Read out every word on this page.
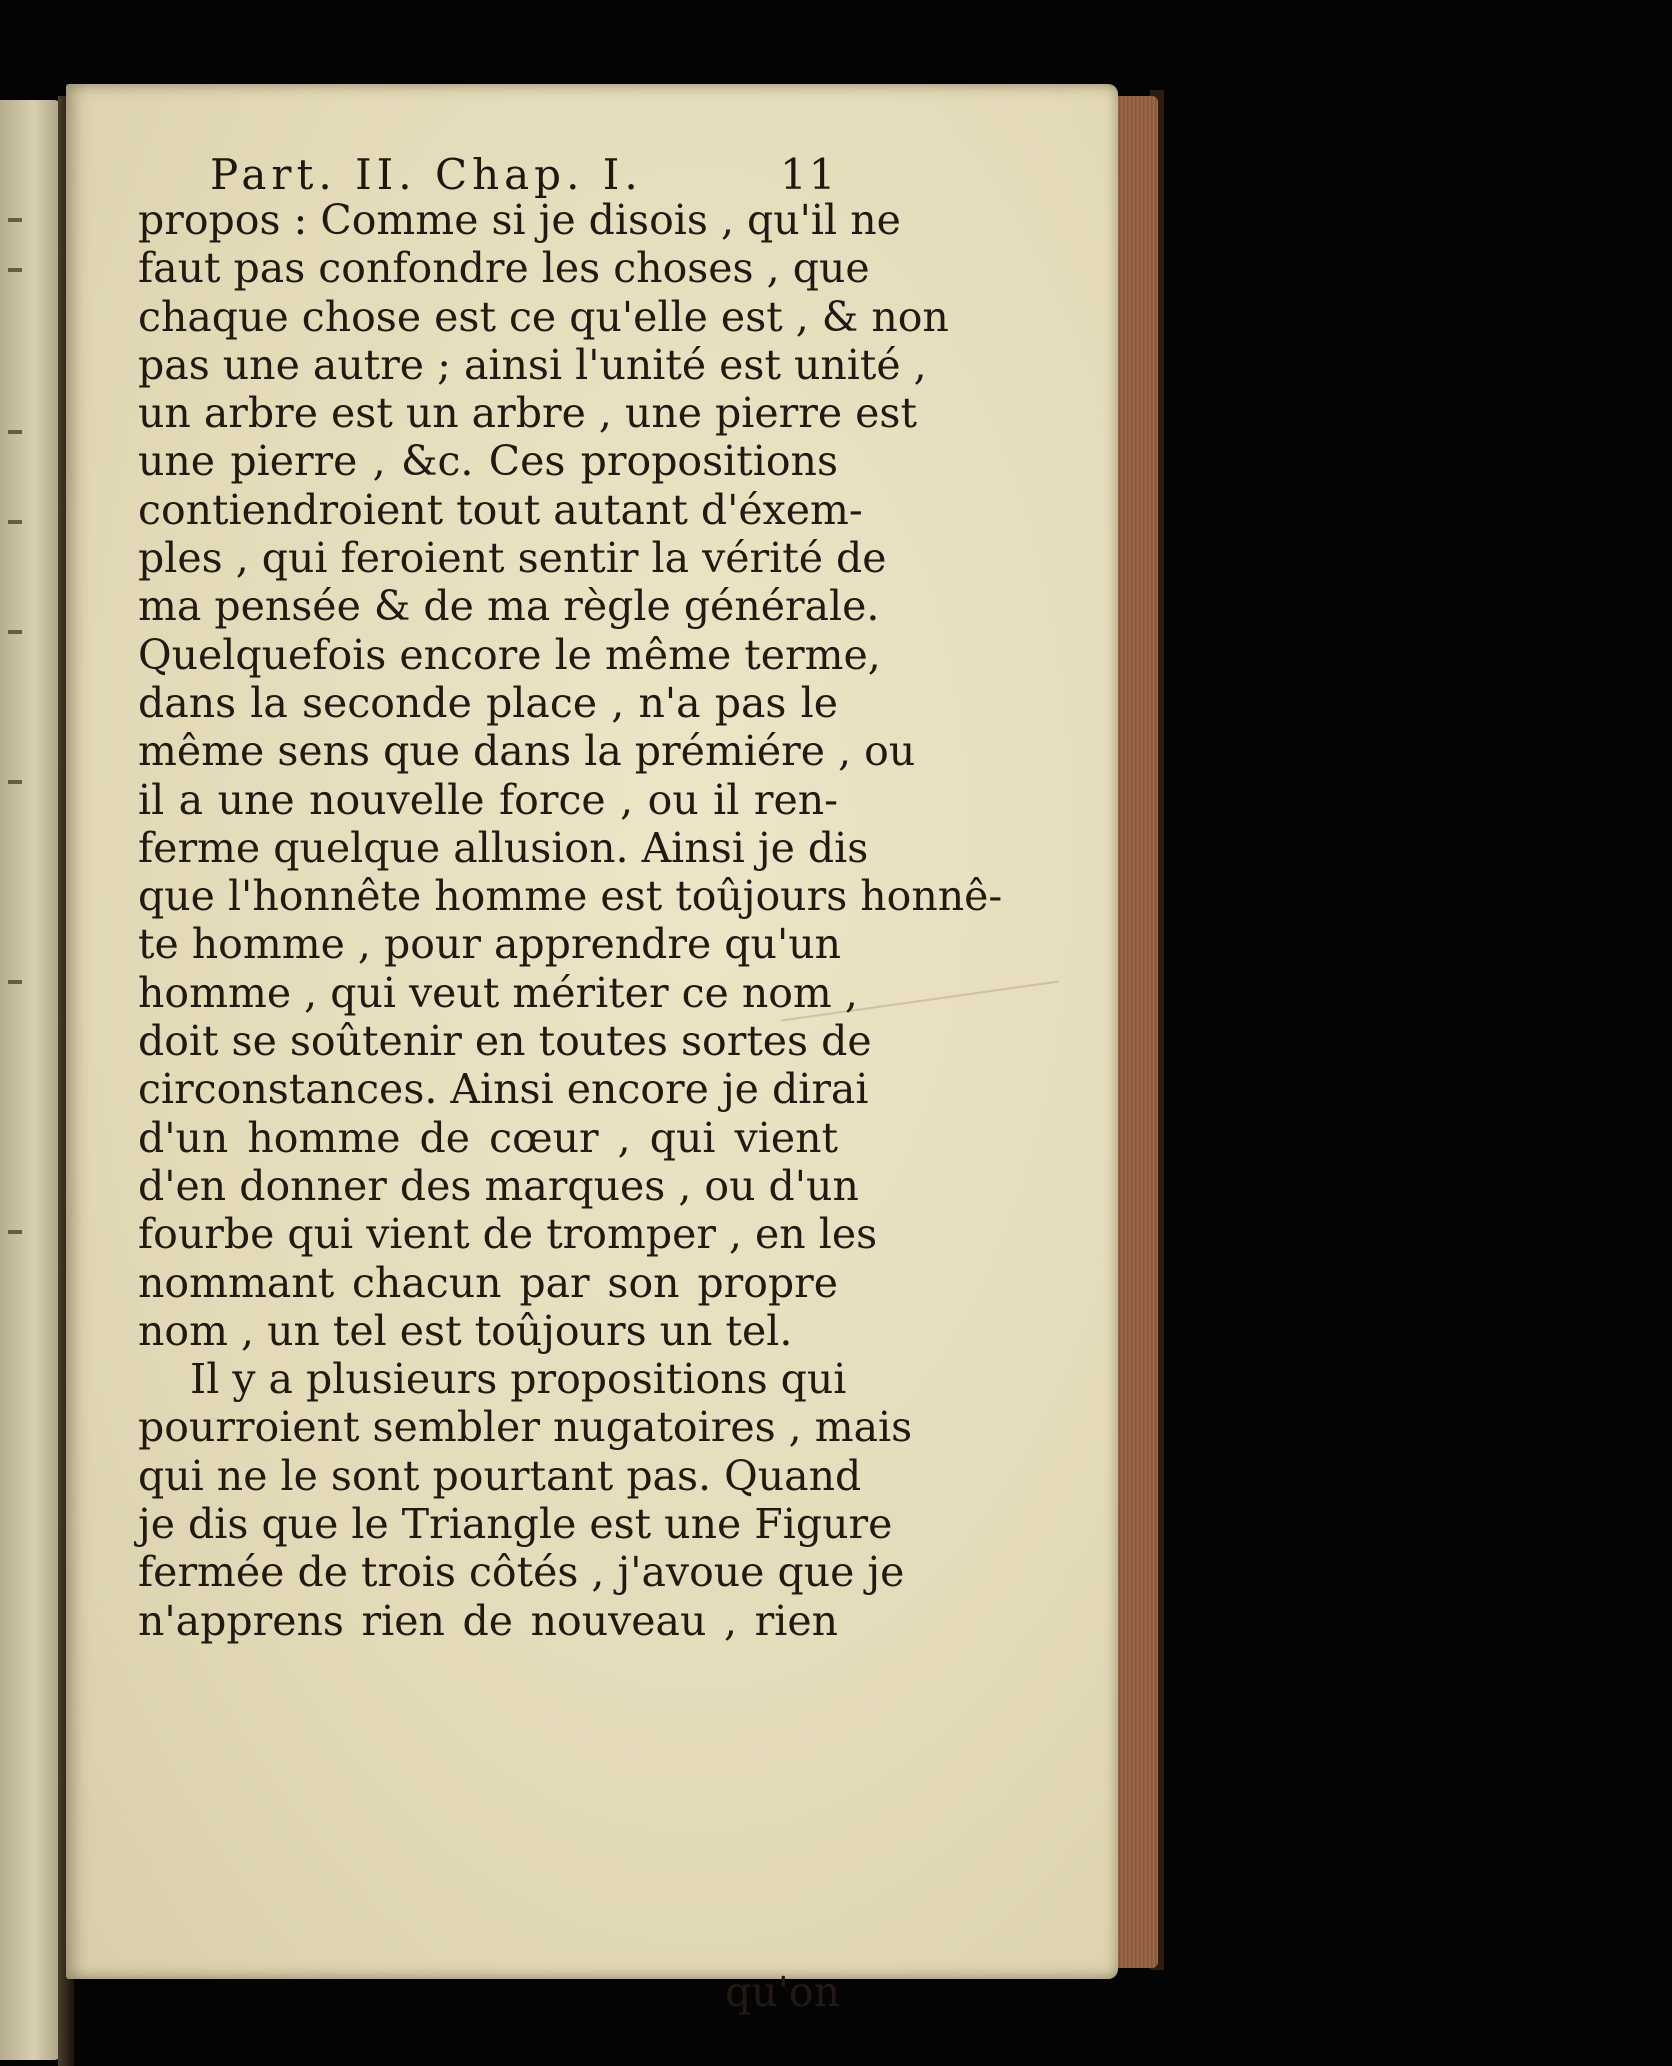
Part. II. Chap. I.	11
propos : Comme si je disois , qu'il ne
faut pas confondre les choses , que
chaque chose est ce qu'elle est , & non
pas une autre ; ainsi l'unité est unité ,
un arbre est un arbre , une pierre est
une pierre , &c. Ces propositions
contiendroient tout autant d'éxem-
ples , qui feroient sentir la vérité de
ma pensée & de ma règle générale.
Quelquefois encore le même terme,
dans la seconde place , n'a pas le
même sens que dans la prémiére , ou
il a une nouvelle force , ou il ren-
ferme quelque allusion. Ainsi je dis
que l'honnête homme est toûjours honnê-
te homme , pour apprendre qu'un
homme , qui veut mériter ce nom ,
doit se soûtenir en toutes sortes de
circonstances. Ainsi encore je dirai
d'un homme de cœur , qui vient
d'en donner des marques , ou d'un
fourbe qui vient de tromper , en les
nommant chacun par son propre
nom , un tel est toûjours un tel.
Il y a plusieurs propositions qui
pourroient sembler nugatoires , mais
qui ne le sont pourtant pas. Quand
je dis que le Triangle est une Figure
fermée de trois côtés , j'avoue que je
n'apprens rien de nouveau , rien
qu'on
